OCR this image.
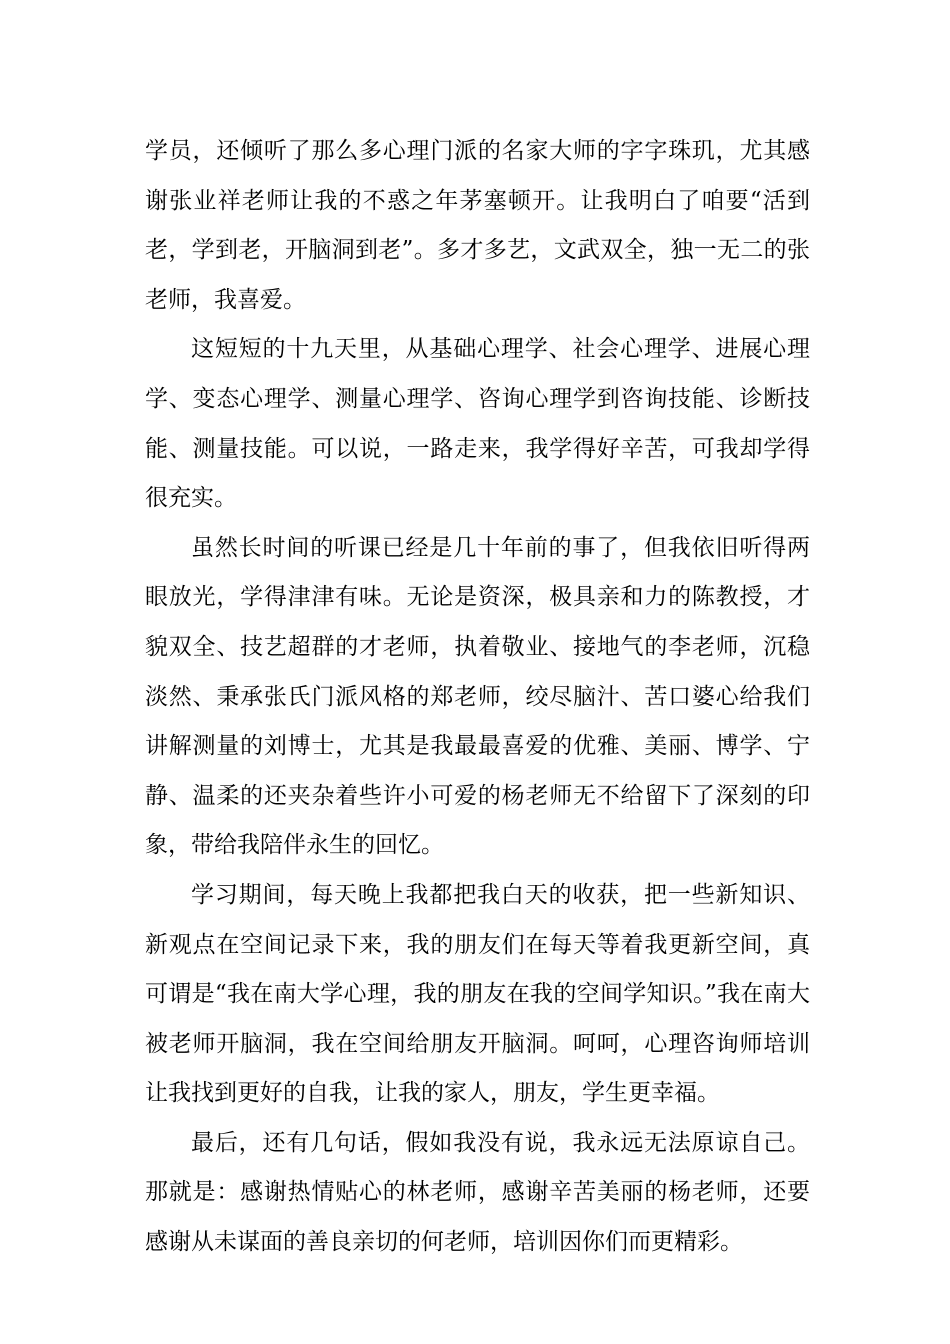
学员，还倾听了那么多心理门派的名家大师的字字珠玑，尤其感谢张业祥老师让我的不惑之年茅塞顿开。让我明白了咱要“活到老，学到老，开脑洞到老”。多才多艺，文武双全，独一无二的张老师，我喜爱。

这短短的十九天里，从基础心理学、社会心理学、进展心理学、变态心理学、测量心理学、咨询心理学到咨询技能、诊断技能、测量技能。可以说，一路走来，我学得好辛苦，可我却学得很充实。

虽然长时间的听课已经是几十年前的事了，但我依旧听得两眼放光，学得津津有味。无论是资深，极具亲和力的陈教授，才貌双全、技艺超群的才老师，执着敬业、接地气的李老师，沉稳淡然、秉承张氏门派风格的郑老师，绞尽脑汁、苦口婆心给我们讲解测量的刘博士，尤其是我最最喜爱的优雅、美丽、博学、宁静、温柔的还夹杂着些许小可爱的杨老师无不给留下了深刻的印象，带给我陪伴永生的回忆。

学习期间，每天晚上我都把我白天的收获，把一些新知识、新观点在空间记录下来，我的朋友们在每天等着我更新空间，真可谓是“我在南大学心理，我的朋友在我的空间学知识。”我在南大被老师开脑洞，我在空间给朋友开脑洞。呵呵，心理咨询师培训让我找到更好的自我，让我的家人，朋友，学生更幸福。

最后，还有几句话，假如我没有说，我永远无法原谅自己。那就是：感谢热情贴心的林老师，感谢辛苦美丽的杨老师，还要感谢从未谋面的善良亲切的何老师，培训因你们而更精彩。
